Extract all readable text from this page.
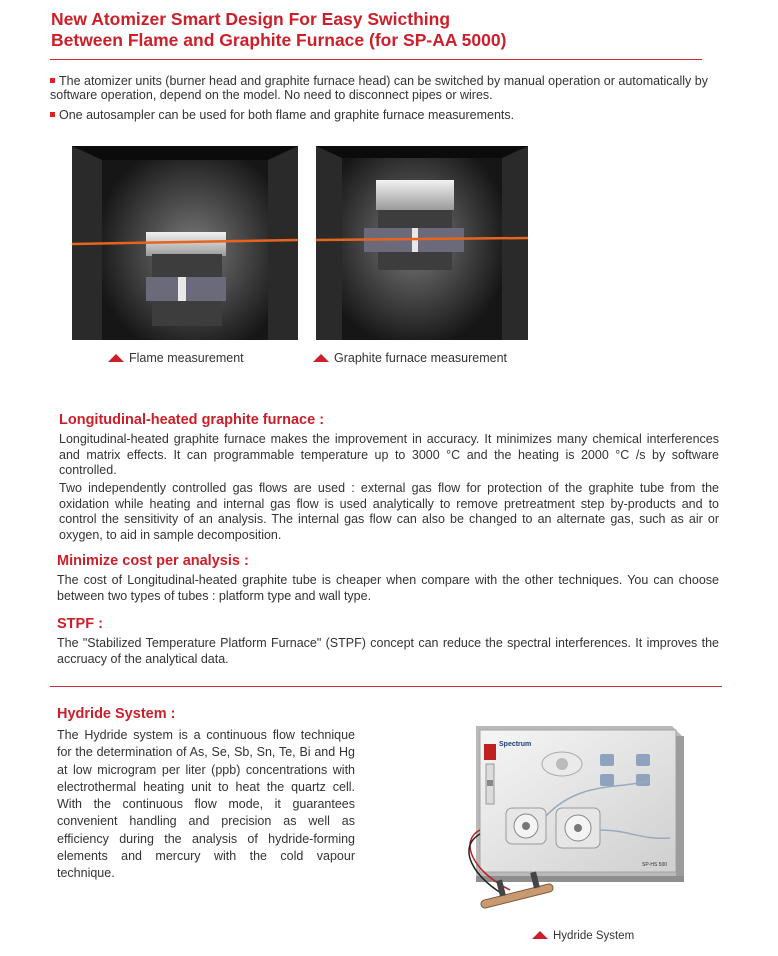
New Atomizer Smart Design For Easy Swicthing
Between Flame and Graphite Furnace (for SP-AA 5000)
The atomizer units (burner head and graphite furnace head) can be switched by manual operation or automatically by software operation, depend on the model. No need to disconnect pipes or wires.
One autosampler can be used for both flame and graphite furnace measurements.
Flame measurement	Graphite furnace measurement
Longitudinal-heated graphite furnace :
Longitudinal-heated graphite furnace makes the improvement in accuracy. It minimizes many chemical interferences and matrix effects. It can programmable temperature up to 3000 °C and the heating is 2000 °C /s by software controlled.
Two independently controlled gas flows are used : external gas flow for protection of the graphite tube from the oxidation while heating and internal gas flow is used analytically to remove pretreatment step by-products and to control the sensitivity of an analysis. The internal gas flow can also be changed to an alternate gas, such as air or oxygen, to aid in sample decomposition.
Minimize cost per analysis :
The cost of Longitudinal-heated graphite tube is cheaper when compare with the other techniques. You can choose between two types of tubes : platform type and wall type.
STPF :
The "Stabilized Temperature Platform Furnace" (STPF) concept can reduce the spectral interferences. It improves the accruacy of the analytical data.
Hydride System :
The Hydride system is a continuous flow technique for the determination of As, Se, Sb, Sn, Te, Bi and Hg at low microgram per liter (ppb) concentrations with electrothermal heating unit to heat the quartz cell. With the continuous flow mode, it guarantees convenient handling and precision as well as efficiency during the analysis of hydride-forming elements and mercury with the cold vapour technique.
Spectrum
SP-HS 500
Hydride System
